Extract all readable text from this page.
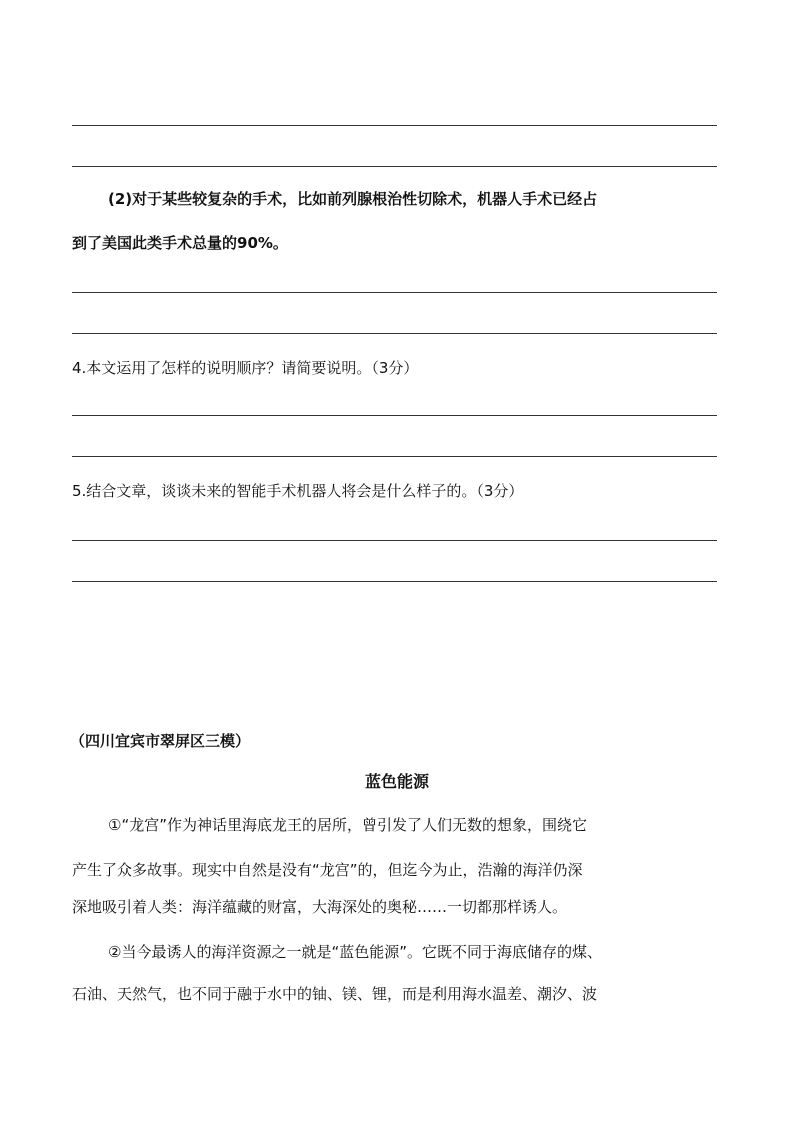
(2)对于某些较复杂的手术，比如前列腺根治性切除术，机器人手术已经占
到了美国此类手术总量的90%。
4.本文运用了怎样的说明顺序？请简要说明。（3分）
5.结合文章，谈谈未来的智能手术机器人将会是什么样子的。（3分）
（四川宜宾市翠屏区三模）
蓝色能源
①“龙宫”作为神话里海底龙王的居所，曾引发了人们无数的想象，围绕它
产生了众多故事。现实中自然是没有“龙宫”的，但迄今为止，浩瀚的海洋仍深
深地吸引着人类：海洋蕴藏的财富，大海深处的奥秘……一切都那样诱人。
②当今最诱人的海洋资源之一就是“蓝色能源”。它既不同于海底储存的煤、
石油、天然气，也不同于融于水中的铀、镁、锂，而是利用海水温差、潮汐、波
